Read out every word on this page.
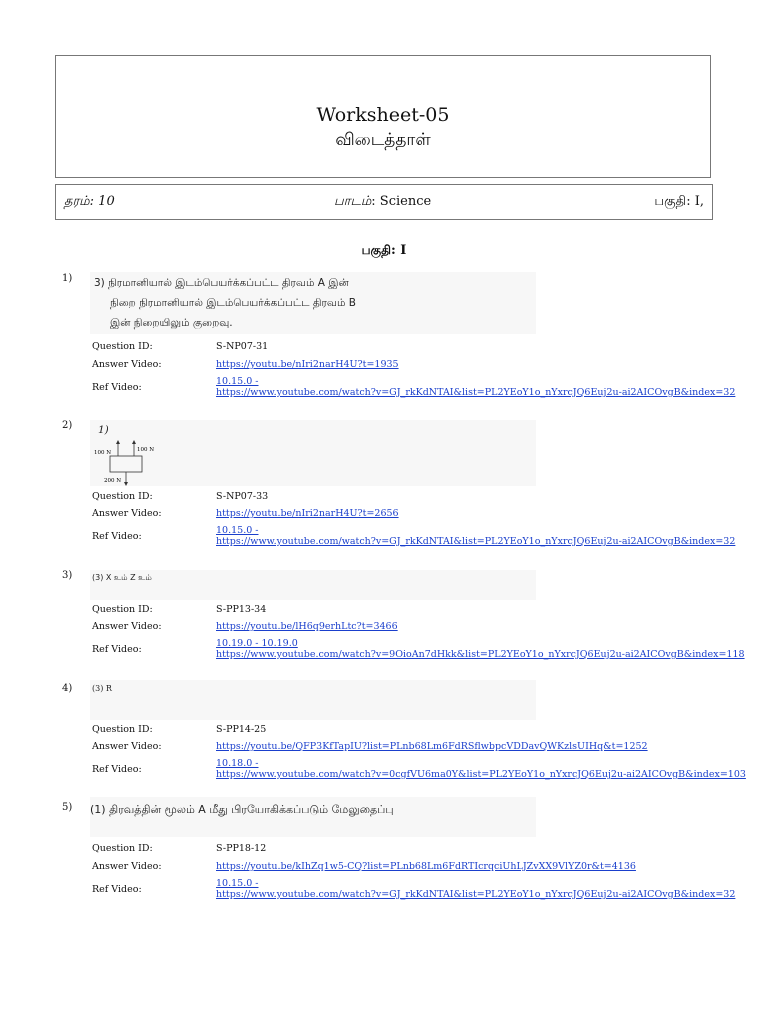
Worksheet-05
விடைத்தாள்
தரம்: 10	பாடம்: Science	பகுதி: I,
பகுதி: I
1) 3) நிரமானியால் இடம்பெயர்க்கப்பட்ட திரவம் A இன்
நிறை நிரமானியால் இடம்பெயர்க்கப்பட்ட திரவம் B
இன் நிறையிலும் குறைவு.
Question ID:	S-NP07-31
Answer Video:	https://youtu.be/nIri2narH4U?t=1935
Ref Video:
10.15.0 -
https://www.youtube.com/watch?v=GJ_rkKdNTAI&list=PL2YEoY1o_nYxrcJQ6Euj2u-ai2AICOvgB&index=32
2) 1)
100 N	100 N
200 N
Question ID:	S-NP07-33
Answer Video:	https://youtu.be/nIri2narH4U?t=2656
Ref Video:
10.15.0 -
https://www.youtube.com/watch?v=GJ_rkKdNTAI&list=PL2YEoY1o_nYxrcJQ6Euj2u-ai2AICOvgB&index=32
3) (3) X உம் Z உம்
Question ID:	S-PP13-34
Answer Video:	https://youtu.be/lH6q9erhLtc?t=3466
Ref Video:
10.19.0 - 10.19.0
https://www.youtube.com/watch?v=9OioAn7dHkk&list=PL2YEoY1o_nYxrcJQ6Euj2u-ai2AICOvgB&index=118
4) (3) R
Question ID:	S-PP14-25
Answer Video:	https://youtu.be/QFP3KfTapIU?list=PLnb68Lm6FdRSflwbpcVDDavQWKzlsUIHq&t=1252
Ref Video:
10.18.0 -
https://www.youtube.com/watch?v=0cgfVU6ma0Y&list=PL2YEoY1o_nYxrcJQ6Euj2u-ai2AICOvgB&index=103
5) (1) திரவத்தின் மூலம் A மீது பிரயோகிக்கப்படும் மேலுதைப்பு
Question ID:	S-PP18-12
Answer Video:	https://youtu.be/kIhZq1w5-CQ?list=PLnb68Lm6FdRTIcrqciUhLJZvXX9VlYZ0r&t=4136
Ref Video:
10.15.0 -
https://www.youtube.com/watch?v=GJ_rkKdNTAI&list=PL2YEoY1o_nYxrcJQ6Euj2u-ai2AICOvgB&index=32
